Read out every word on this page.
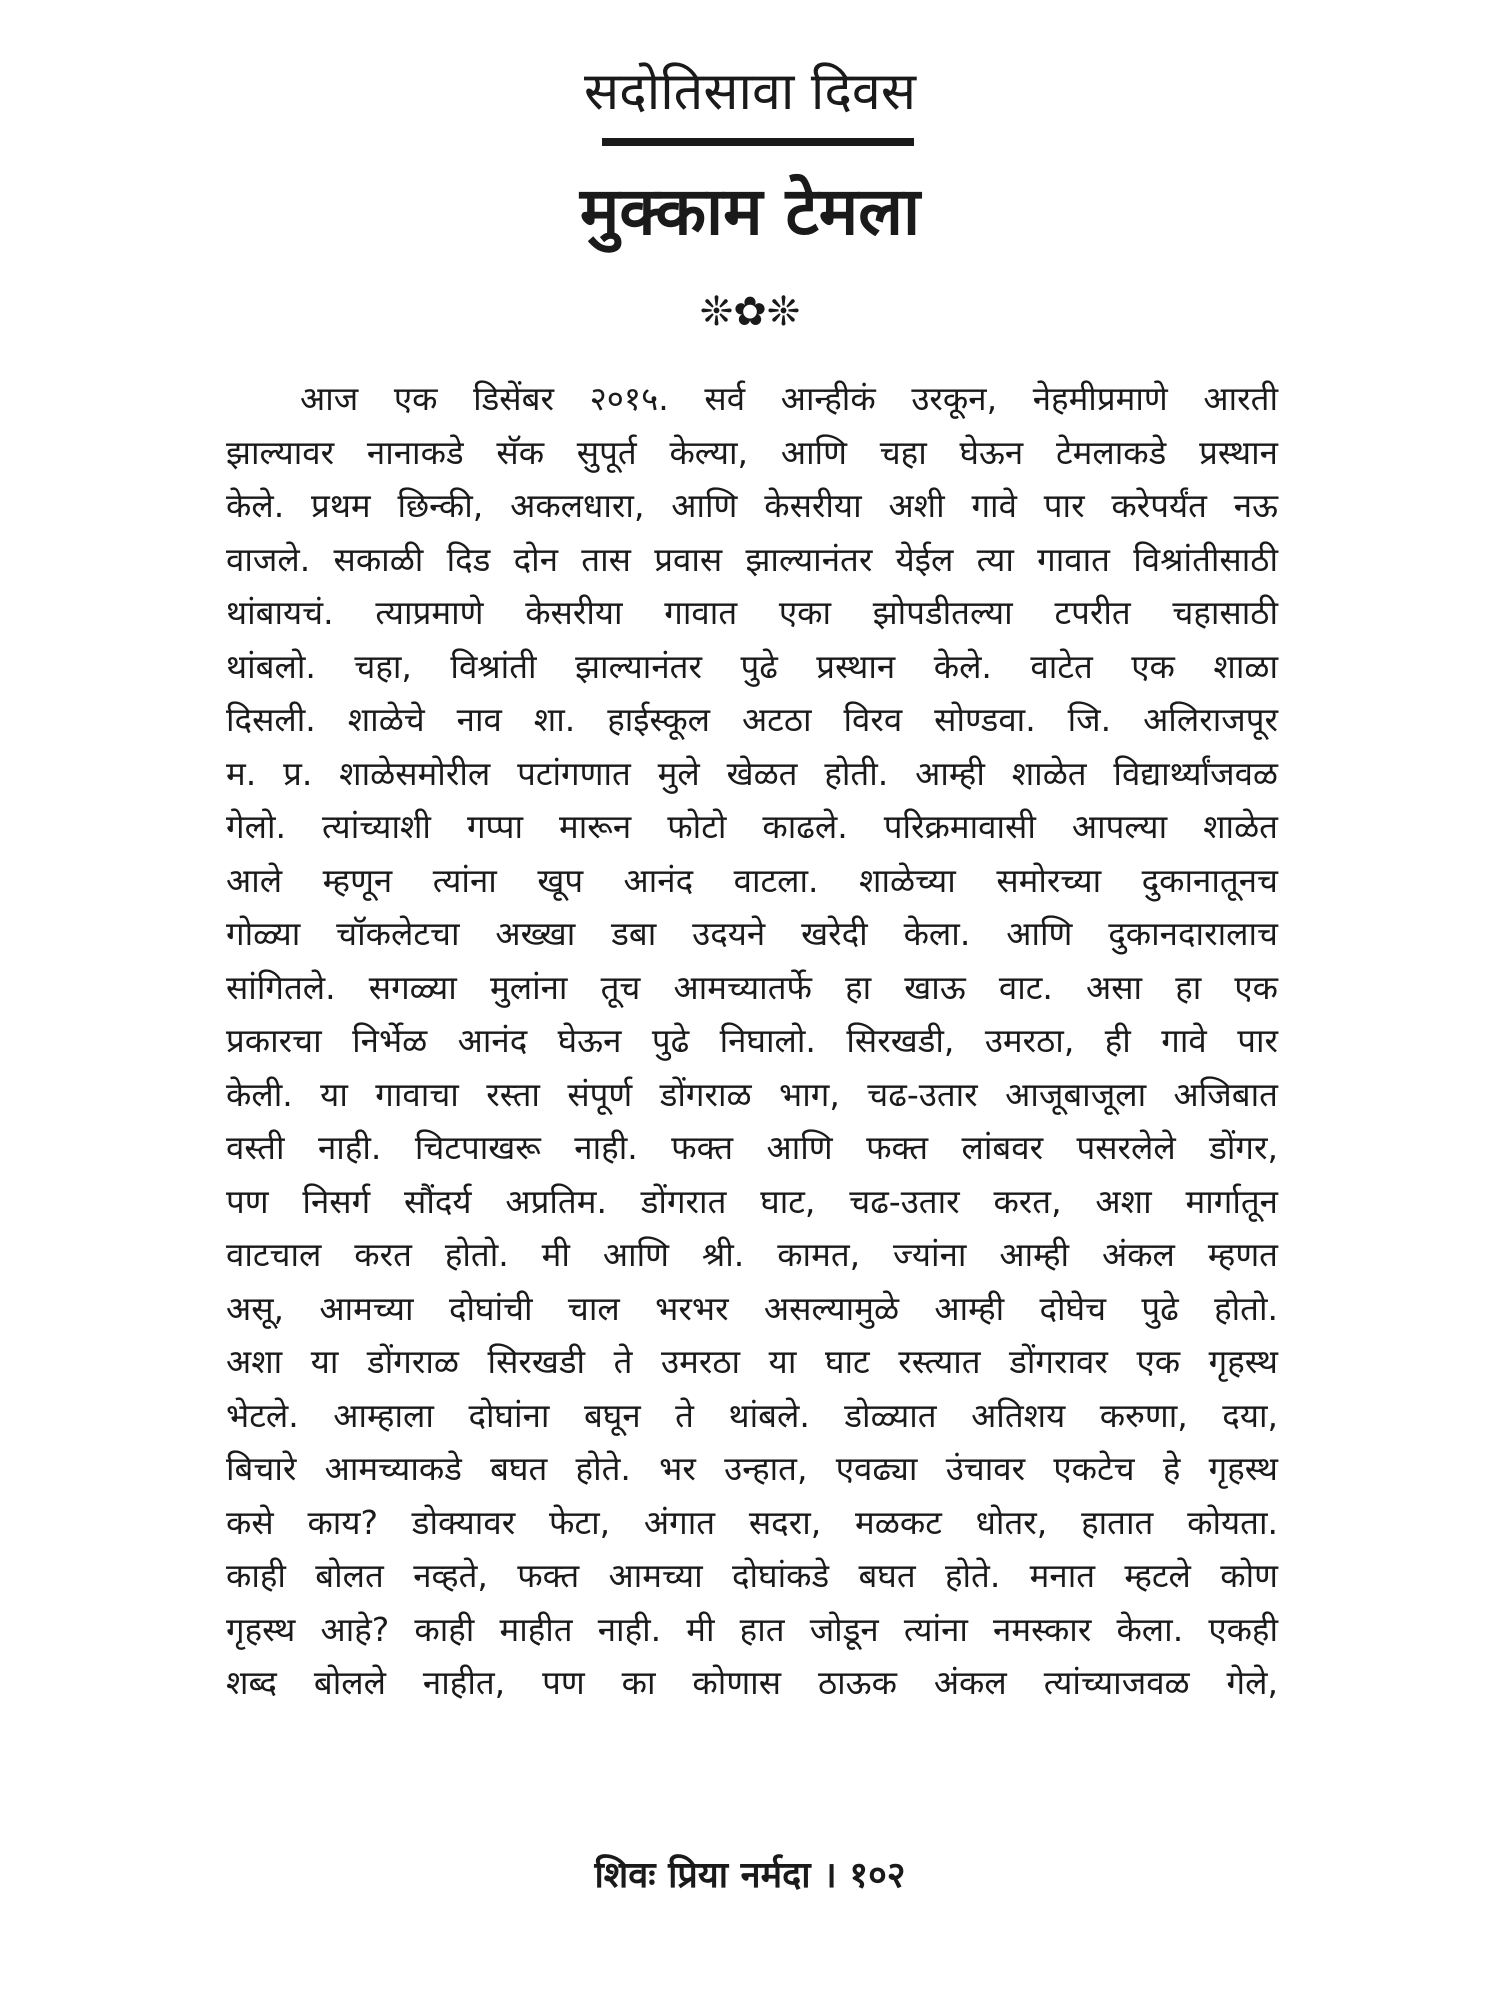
सदोतिसावा दिवस
मुक्काम टेमला
❊✿❊
आज एक डिसेंबर २०१५. सर्व आन्हीकं उरकून, नेहमीप्रमाणे आरती
झाल्यावर नानाकडे सॅक सुपूर्त केल्या, आणि चहा घेऊन टेमलाकडे प्रस्थान
केले. प्रथम छिन्की, अकलधारा, आणि केसरीया अशी गावे पार करेपर्यंत नऊ
वाजले. सकाळी दिड दोन तास प्रवास झाल्यानंतर येईल त्या गावात विश्रांतीसाठी
थांबायचं. त्याप्रमाणे केसरीया गावात एका झोपडीतल्या टपरीत चहासाठी
थांबलो. चहा, विश्रांती झाल्यानंतर पुढे प्रस्थान केले. वाटेत एक शाळा
दिसली. शाळेचे नाव शा. हाईस्कूल अटठा विरव सोण्डवा. जि. अलिराजपूर
म. प्र. शाळेसमोरील पटांगणात मुले खेळत होती. आम्ही शाळेत विद्यार्थ्यांजवळ
गेलो. त्यांच्याशी गप्पा मारून फोटो काढले. परिक्रमावासी आपल्या शाळेत
आले म्हणून त्यांना खूप आनंद वाटला. शाळेच्या समोरच्या दुकानातूनच
गोळ्या चॉकलेटचा अख्खा डबा उदयने खरेदी केला. आणि दुकानदारालाच
सांगितले. सगळ्या मुलांना तूच आमच्यातर्फे हा खाऊ वाट. असा हा एक
प्रकारचा निर्भेळ आनंद घेऊन पुढे निघालो. सिरखडी, उमरठा, ही गावे पार
केली. या गावाचा रस्ता संपूर्ण डोंगराळ भाग, चढ-उतार आजूबाजूला अजिबात
वस्ती नाही. चिटपाखरू नाही. फक्त आणि फक्त लांबवर पसरलेले डोंगर,
पण निसर्ग सौंदर्य अप्रतिम. डोंगरात घाट, चढ-उतार करत, अशा मार्गातून
वाटचाल करत होतो. मी आणि श्री. कामत, ज्यांना आम्ही अंकल म्हणत
असू, आमच्या दोघांची चाल भरभर असल्यामुळे आम्ही दोघेच पुढे होतो.
अशा या डोंगराळ सिरखडी ते उमरठा या घाट रस्त्यात डोंगरावर एक गृहस्थ
भेटले. आम्हाला दोघांना बघून ते थांबले. डोळ्यात अतिशय करुणा, दया,
बिचारे आमच्याकडे बघत होते. भर उन्हात, एवढ्या उंचावर एकटेच हे गृहस्थ
कसे काय? डोक्यावर फेटा, अंगात सदरा, मळकट धोतर, हातात कोयता.
काही बोलत नव्हते, फक्त आमच्या दोघांकडे बघत होते. मनात म्हटले कोण
गृहस्थ आहे? काही माहीत नाही. मी हात जोडून त्यांना नमस्कार केला. एकही
शब्द बोलले नाहीत, पण का कोणास ठाऊक अंकल त्यांच्याजवळ गेले,
शिवः प्रिया नर्मदा । १०२
